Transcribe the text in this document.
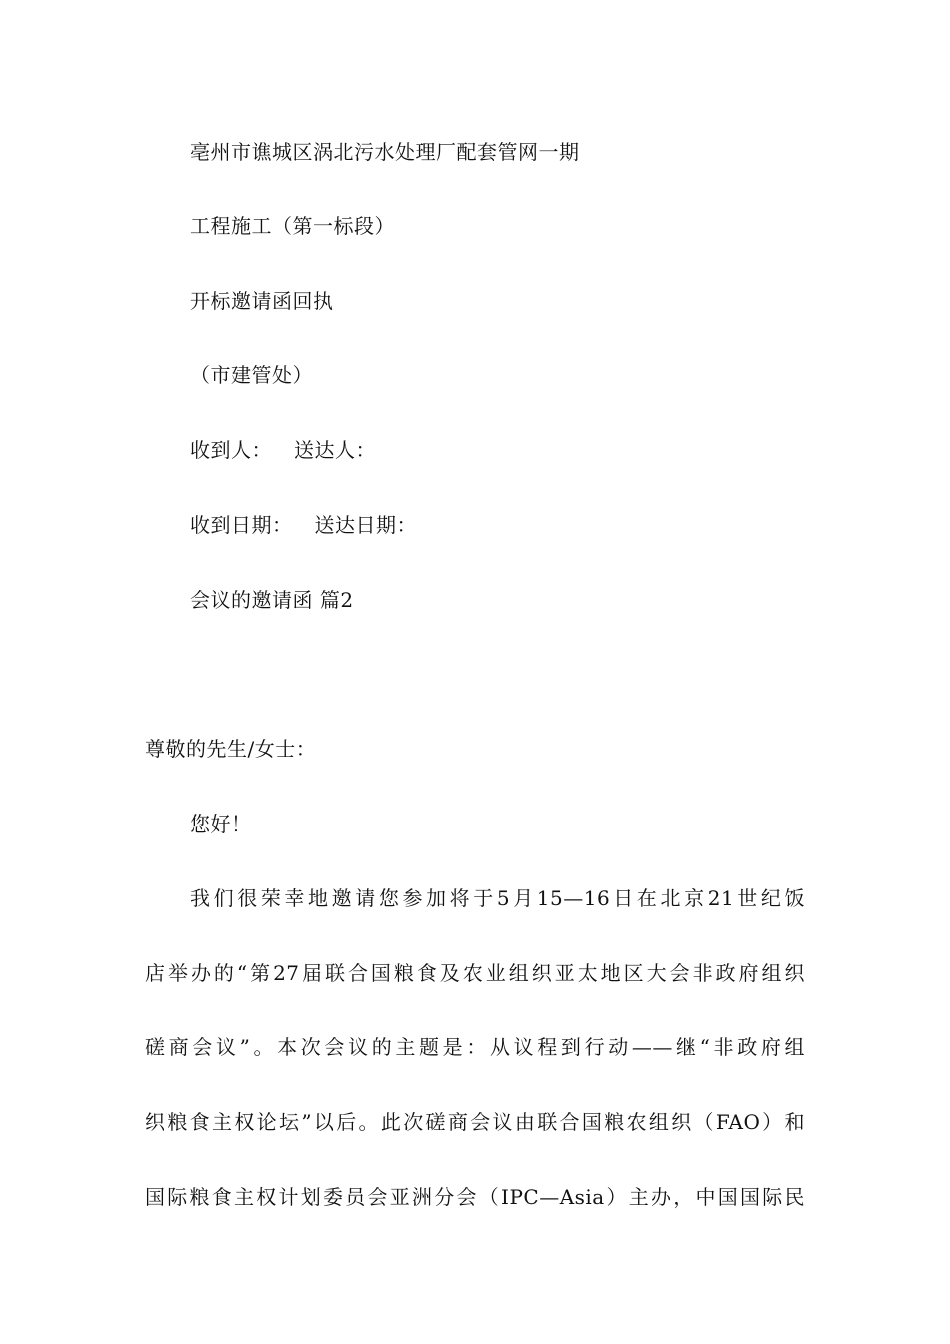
亳州市谯城区涡北污水处理厂配套管网一期
工程施工（第一标段）
开标邀请函回执
（市建管处）
收到人： 送达人：
收到日期： 送达日期：
会议的邀请函 篇2
尊敬的先生/女士：
您好！
我们很荣幸地邀请您参加将于5月15—16日在北京21世纪饭
店举办的“第27届联合国粮食及农业组织亚太地区大会非政府组织
磋商会议”。本次会议的主题是：从议程到行动——继“非政府组
织粮食主权论坛”以后。此次磋商会议由联合国粮农组织（FAO）和
国际粮食主权计划委员会亚洲分会（IPC—Asia）主办，中国国际民
